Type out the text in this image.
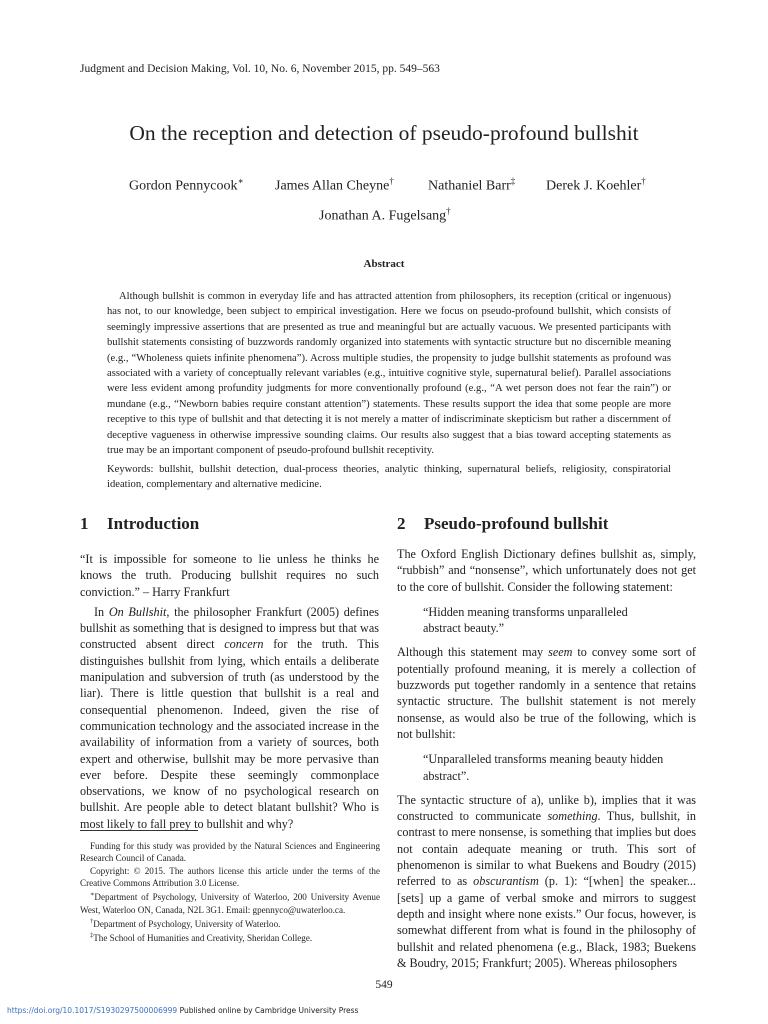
Judgment and Decision Making, Vol. 10, No. 6, November 2015, pp. 549–563
On the reception and detection of pseudo-profound bullshit
Gordon Pennycook∗ James Allan Cheyne† Nathaniel Barr‡ Derek J. Koehler†
Jonathan A. Fugelsang†
Abstract
Although bullshit is common in everyday life and has attracted attention from philosophers, its reception (critical or ingenuous) has not, to our knowledge, been subject to empirical investigation. Here we focus on pseudo-profound bullshit, which consists of seemingly impressive assertions that are presented as true and meaningful but are actually vacuous. We presented participants with bullshit statements consisting of buzzwords randomly organized into statements with syntactic structure but no discernible meaning (e.g., “Wholeness quiets infinite phenomena”). Across multiple studies, the propensity to judge bullshit statements as profound was associated with a variety of conceptually relevant variables (e.g., intuitive cognitive style, supernatural belief). Parallel associations were less evident among profundity judgments for more conventionally profound (e.g., “A wet person does not fear the rain”) or mundane (e.g., “Newborn babies require constant attention”) statements. These results support the idea that some people are more receptive to this type of bullshit and that detecting it is not merely a matter of indiscriminate skepticism but rather a discernment of deceptive vagueness in otherwise impressive sounding claims. Our results also suggest that a bias toward accepting statements as true may be an important component of pseudo-profound bullshit receptivity.
Keywords: bullshit, bullshit detection, dual-process theories, analytic thinking, supernatural beliefs, religiosity, conspiratorial ideation, complementary and alternative medicine.
1 Introduction

“It is impossible for someone to lie unless he thinks he knows the truth. Producing bullshit requires no such conviction.” – Harry Frankfurt

In On Bullshit, the philosopher Frankfurt (2005) defines bullshit as something that is designed to impress but that was constructed absent direct concern for the truth. This distinguishes bullshit from lying, which entails a deliberate manipulation and subversion of truth (as understood by the liar). There is little question that bullshit is a real and consequential phenomenon. Indeed, given the rise of communication technology and the associated increase in the availability of information from a variety of sources, both expert and otherwise, bullshit may be more pervasive than ever before. Despite these seemingly commonplace observations, we know of no psychological research on bullshit. Are people able to detect blatant bullshit? Who is most likely to fall prey to bullshit and why?

Funding for this study was provided by the Natural Sciences and Engineering Research Council of Canada.

Copyright: © 2015. The authors license this article under the terms of the Creative Commons Attribution 3.0 License.

∗Department of Psychology, University of Waterloo, 200 University Avenue West, Waterloo ON, Canada, N2L 3G1. Email: gpennyco@uwaterloo.ca.

†Department of Psychology, University of Waterloo.

‡The School of Humanities and Creativity, Sheridan College.

2 Pseudo-profound bullshit

The Oxford English Dictionary defines bullshit as, simply, “rubbish” and “nonsense”, which unfortunately does not get to the core of bullshit. Consider the following statement:

“Hidden meaning transforms unparalleled abstract beauty.”

Although this statement may seem to convey some sort of potentially profound meaning, it is merely a collection of buzzwords put together randomly in a sentence that retains syntactic structure. The bullshit statement is not merely nonsense, as would also be true of the following, which is not bullshit:

“Unparalleled transforms meaning beauty hidden abstract”.

The syntactic structure of a), unlike b), implies that it was constructed to communicate something. Thus, bullshit, in contrast to mere nonsense, is something that implies but does not contain adequate meaning or truth. This sort of phenomenon is similar to what Buekens and Boudry (2015) referred to as obscurantism (p. 1): “[when] the speaker... [sets] up a game of verbal smoke and mirrors to suggest depth and insight where none exists.” Our focus, however, is somewhat different from what is found in the philosophy of bullshit and related phenomena (e.g., Black, 1983; Buekens & Boudry, 2015; Frankfurt; 2005). Whereas philosophers

549
https://doi.org/10.1017/S1930297500006999 Published online by Cambridge University Press
